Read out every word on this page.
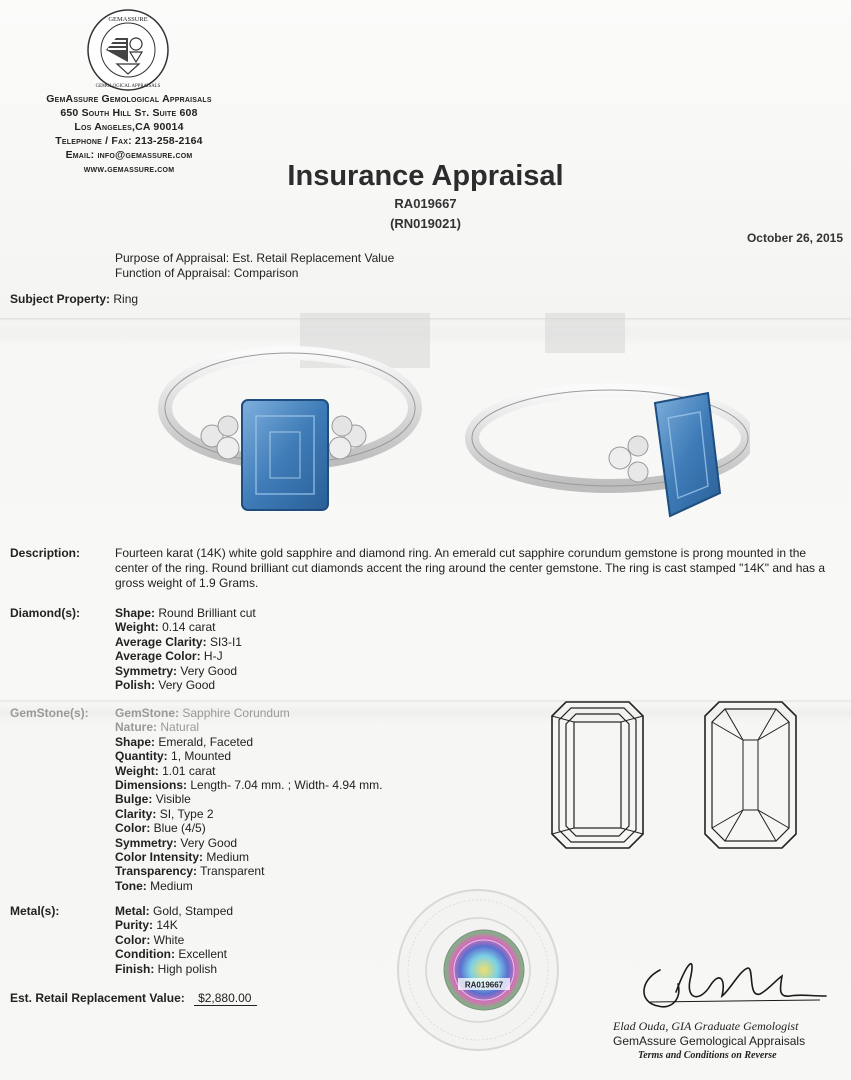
GEMASSURE
GEMOLOGICAL APPRAISALS
GemAssure Gemological Appraisals
650 South Hill St. Suite 608
Los Angeles,CA 90014
Telephone / Fax: 213-258-2164
Email: info@gemassure.com
www.gemassure.com	Insurance Appraisal
RA019667
(RN019021)
October 26, 2015
Purpose of Appraisal: Est. Retail Replacement Value
Function of Appraisal: Comparison
Subject Property: Ring
Description:	Fourteen karat (14K) white gold sapphire and diamond ring. An emerald cut sapphire corundum gemstone is prong mounted in the center of the ring. Round brilliant cut diamonds accent the ring around the center gemstone. The ring is cast stamped "14K" and has a gross weight of 1.9 Grams.
Diamond(s):	Shape: Round Brilliant cut
Weight: 0.14 carat
Average Clarity: SI3-I1
Average Color: H-J
Symmetry: Very Good
Polish: Very Good
GemStone(s): GemStone: Sapphire Corundum
Nature: Natural
Shape: Emerald, Faceted
Quantity: 1, Mounted
Weight: 1.01 carat
Dimensions: Length- 7.04 mm. ; Width- 4.94 mm.
Bulge: Visible
Clarity: SI, Type 2
Color: Blue (4/5)
Symmetry: Very Good
Color Intensity: Medium
Transparency: Transparent
Tone: Medium
Metal(s):	Metal: Gold, Stamped
Purity: 14K
Color: White
Condition: Excellent
Finish: High polish
RA019667
Est. Retail Replacement Value: $2,880.00
Elad Ouda, GIA Graduate Gemologist
GemAssure Gemological Appraisals
Terms and Conditions on Reverse
